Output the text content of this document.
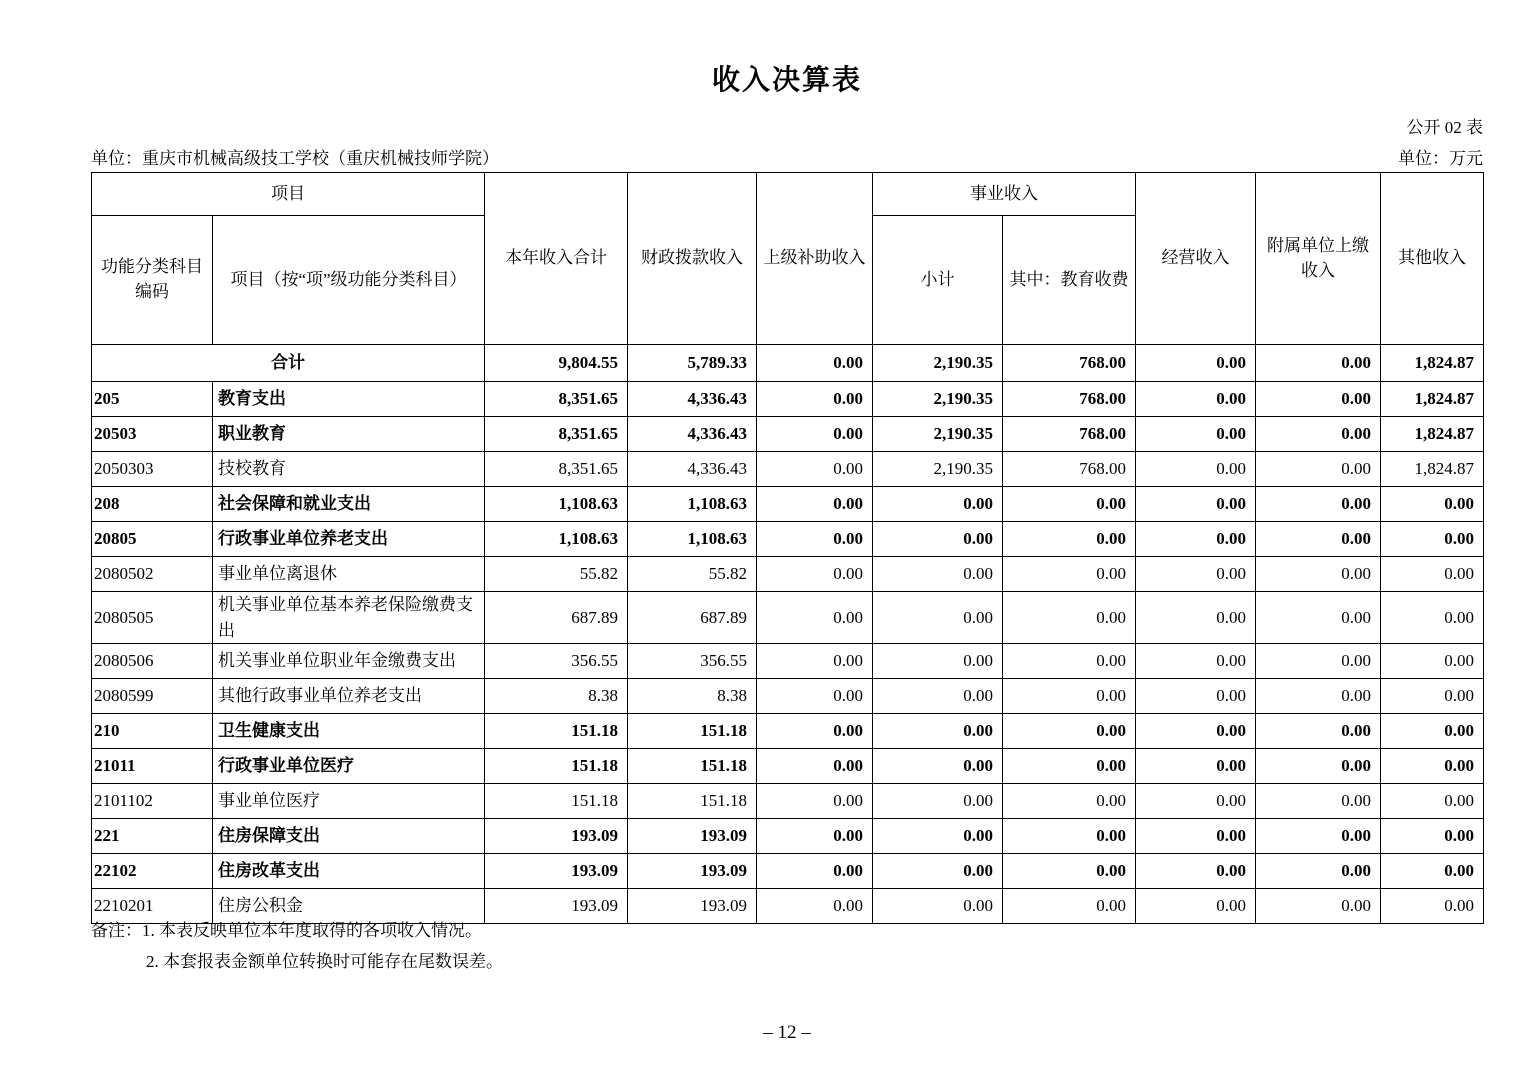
收入决算表
公开 02 表
单位：重庆市机械高级技工学校（重庆机械技师学院）	单位：万元
项目		本年收入合计	财政拨款收入	上级补助收入	事业收入		经营收入	附属单位上缴收入	其他收入
功能分类科目编码	项目（按“项”级功能分类科目）				小计	其中：教育收费			
合计		9,804.55	5,789.33	0.00	2,190.35	768.00	0.00	0.00	1,824.87
205	教育支出	8,351.65	4,336.43	0.00	2,190.35	768.00	0.00	0.00	1,824.87
20503	职业教育	8,351.65	4,336.43	0.00	2,190.35	768.00	0.00	0.00	1,824.87
2050303	技校教育	8,351.65	4,336.43	0.00	2,190.35	768.00	0.00	0.00	1,824.87
208	社会保障和就业支出	1,108.63	1,108.63	0.00	0.00	0.00	0.00	0.00	0.00
20805	行政事业单位养老支出	1,108.63	1,108.63	0.00	0.00	0.00	0.00	0.00	0.00
2080502	事业单位离退休	55.82	55.82	0.00	0.00	0.00	0.00	0.00	0.00
2080505	机关事业单位基本养老保险缴费支出	687.89	687.89	0.00	0.00	0.00	0.00	0.00	0.00
2080506	机关事业单位职业年金缴费支出	356.55	356.55	0.00	0.00	0.00	0.00	0.00	0.00
2080599	其他行政事业单位养老支出	8.38	8.38	0.00	0.00	0.00	0.00	0.00	0.00
210	卫生健康支出	151.18	151.18	0.00	0.00	0.00	0.00	0.00	0.00
21011	行政事业单位医疗	151.18	151.18	0.00	0.00	0.00	0.00	0.00	0.00
2101102	事业单位医疗	151.18	151.18	0.00	0.00	0.00	0.00	0.00	0.00
221	住房保障支出	193.09	193.09	0.00	0.00	0.00	0.00	0.00	0.00
22102	住房改革支出	193.09	193.09	0.00	0.00	0.00	0.00	0.00	0.00
2210201	住房公积金	193.09	193.09	0.00	0.00	0.00	0.00	0.00	0.00
备注：1. 本表反映单位本年度取得的各项收入情况。
2. 本套报表金额单位转换时可能存在尾数误差。
– 12 –
